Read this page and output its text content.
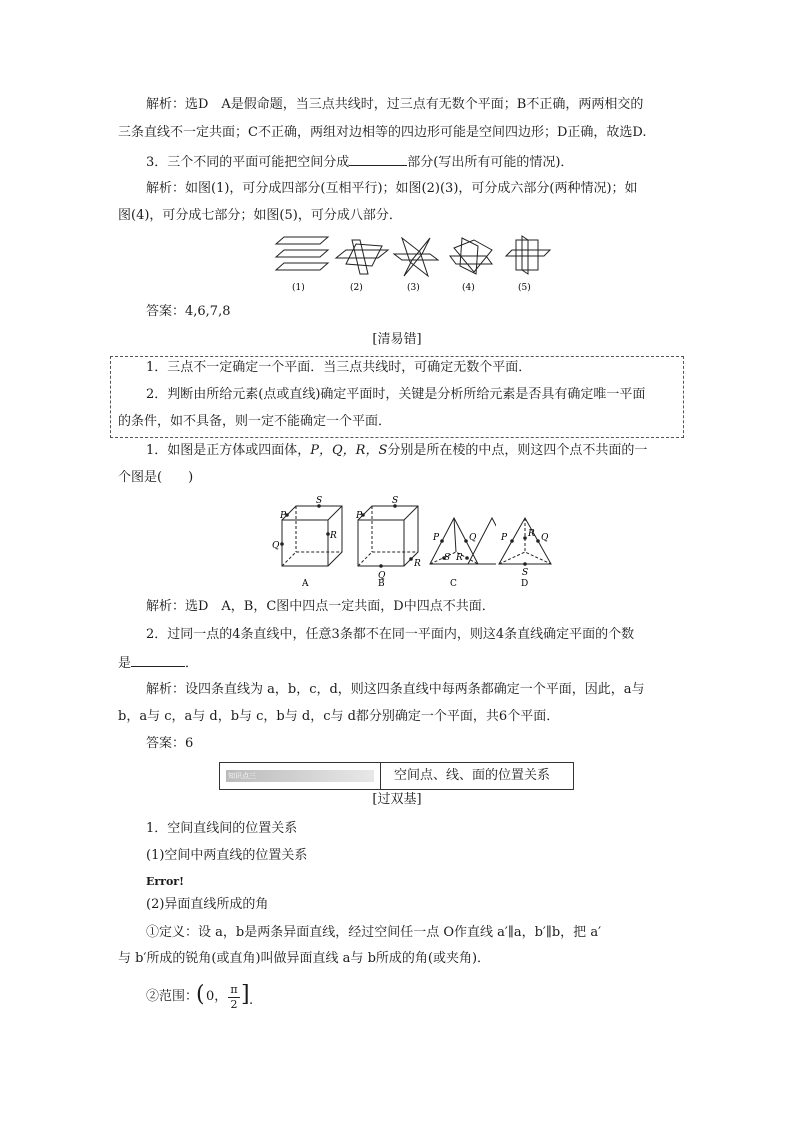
解析：选D　A是假命题，当三点共线时，过三点有无数个平面；B不正确，两两相交的
三条直线不一定共面；C不正确，两组对边相等的四边形可能是空间四边形；D正确，故选D.
3．三个不同的平面可能把空间分成	部分(写出所有可能的情况)．
解析：如图(1)，可分成四部分(互相平行)；如图(2)(3)，可分成六部分(两种情况)；如
图(4)，可分成七部分；如图(5)，可分成八部分．
(1)	(2)	(3)	(4)	(5)
答案：4,6,7,8
[清易错]
1．三点不一定确定一个平面．当三点共线时，可确定无数个平面．
2．判断由所给元素(点或直线)确定平面时，关键是分析所给元素是否具有确定唯一平面
的条件，如不具备，则一定不能确定一个平面．
1．如图是正方体或四面体，P，Q，R，S分别是所在棱的中点，则这四个点不共面的一
个图是(　　)
P
Q
R
S
P
Q
R
S
P	Q
R
S
A	B	C
P	Q
R
S
D
解析：选D　A，B，C图中四点一定共面，D中四点不共面．
2．过同一点的4条直线中，任意3条都不在同一平面内，则这4条直线确定平面的个数
是	．
解析：设四条直线为 a，b，c，d，则这四条直线中每两条都确定一个平面，因此，a与
b，a与 c，a与 d，b与 c，b与 d，c与 d都分别确定一个平面，共6个平面．
答案：6
知识点三	空间点、线、面的位置关系
[过双基]
1．空间直线间的位置关系
(1)空间中两直线的位置关系
Error!
(2)异面直线所成的角
①定义：设 a，b是两条异面直线，经过空间任一点 O作直线 a′∥a，b′∥b，把 a′
与 b′所成的锐角(或直角)叫做异面直线 a与 b所成的角(或夹角)．
②范围：
( 0， π
2 ] .
